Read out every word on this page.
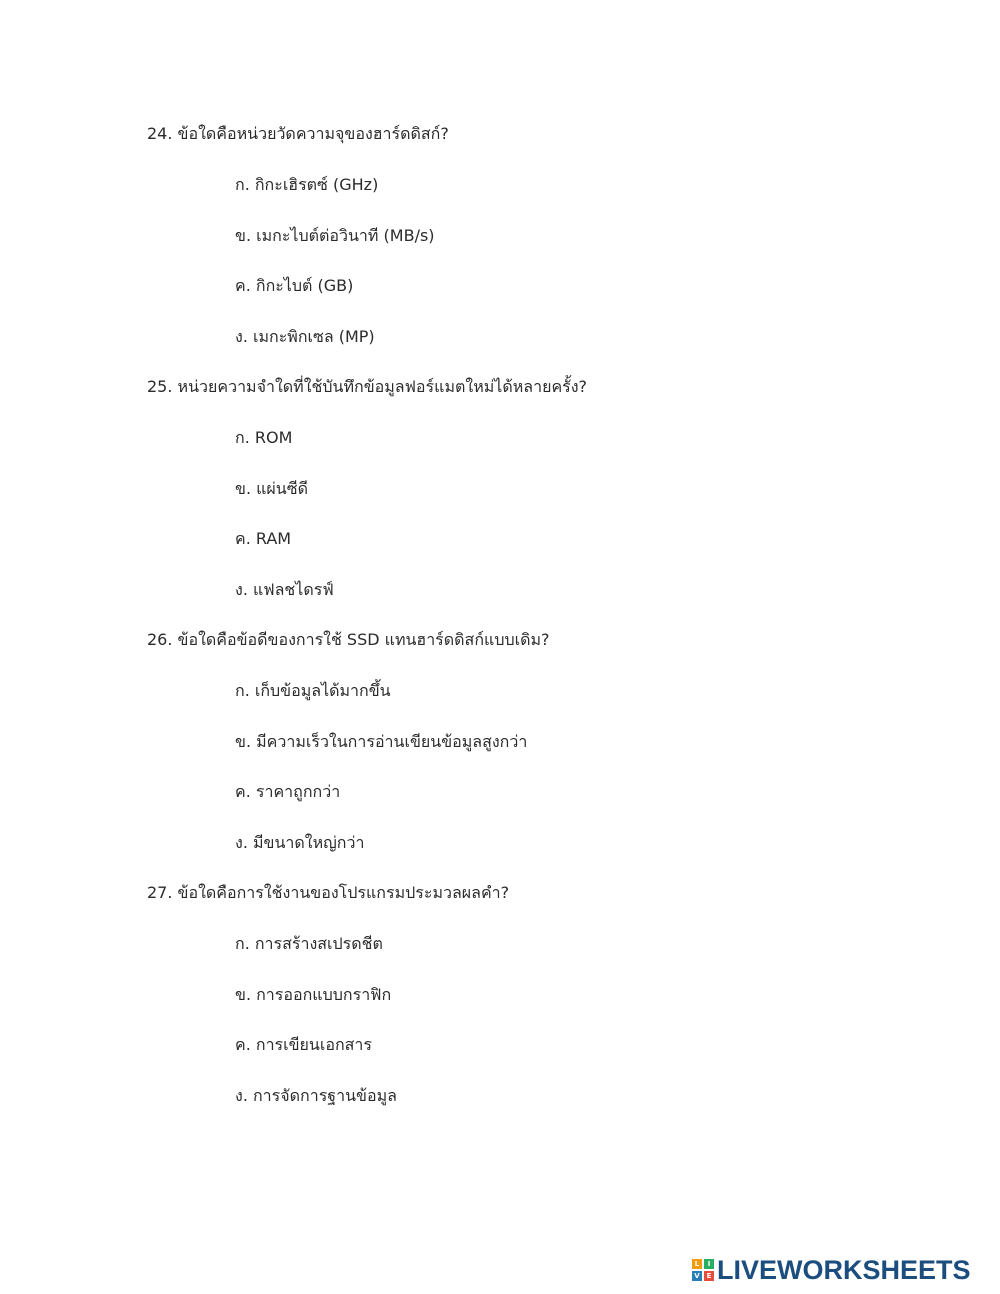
24. ข้อใดคือหน่วยวัดความจุของฮาร์ดดิสก์?
ก. กิกะเฮิรตซ์ (GHz)
ข. เมกะไบต์ต่อวินาที (MB/s)
ค. กิกะไบต์ (GB)
ง. เมกะพิกเซล (MP)
25. หน่วยความจำใดที่ใช้บันทึกข้อมูลฟอร์แมตใหม่ได้หลายครั้ง?
ก. ROM
ข. แผ่นซีดี
ค. RAM
ง. แฟลชไดรฟ์
26. ข้อใดคือข้อดีของการใช้ SSD แทนฮาร์ดดิสก์แบบเดิม?
ก. เก็บข้อมูลได้มากขึ้น
ข. มีความเร็วในการอ่านเขียนข้อมูลสูงกว่า
ค. ราคาถูกกว่า
ง. มีขนาดใหญ่กว่า
27. ข้อใดคือการใช้งานของโปรแกรมประมวลผลคำ?
ก. การสร้างสเปรดชีต
ข. การออกแบบกราฟิก
ค. การเขียนเอกสาร
ง. การจัดการฐานข้อมูล
L	I
V E LIVEWORKSHEETS
